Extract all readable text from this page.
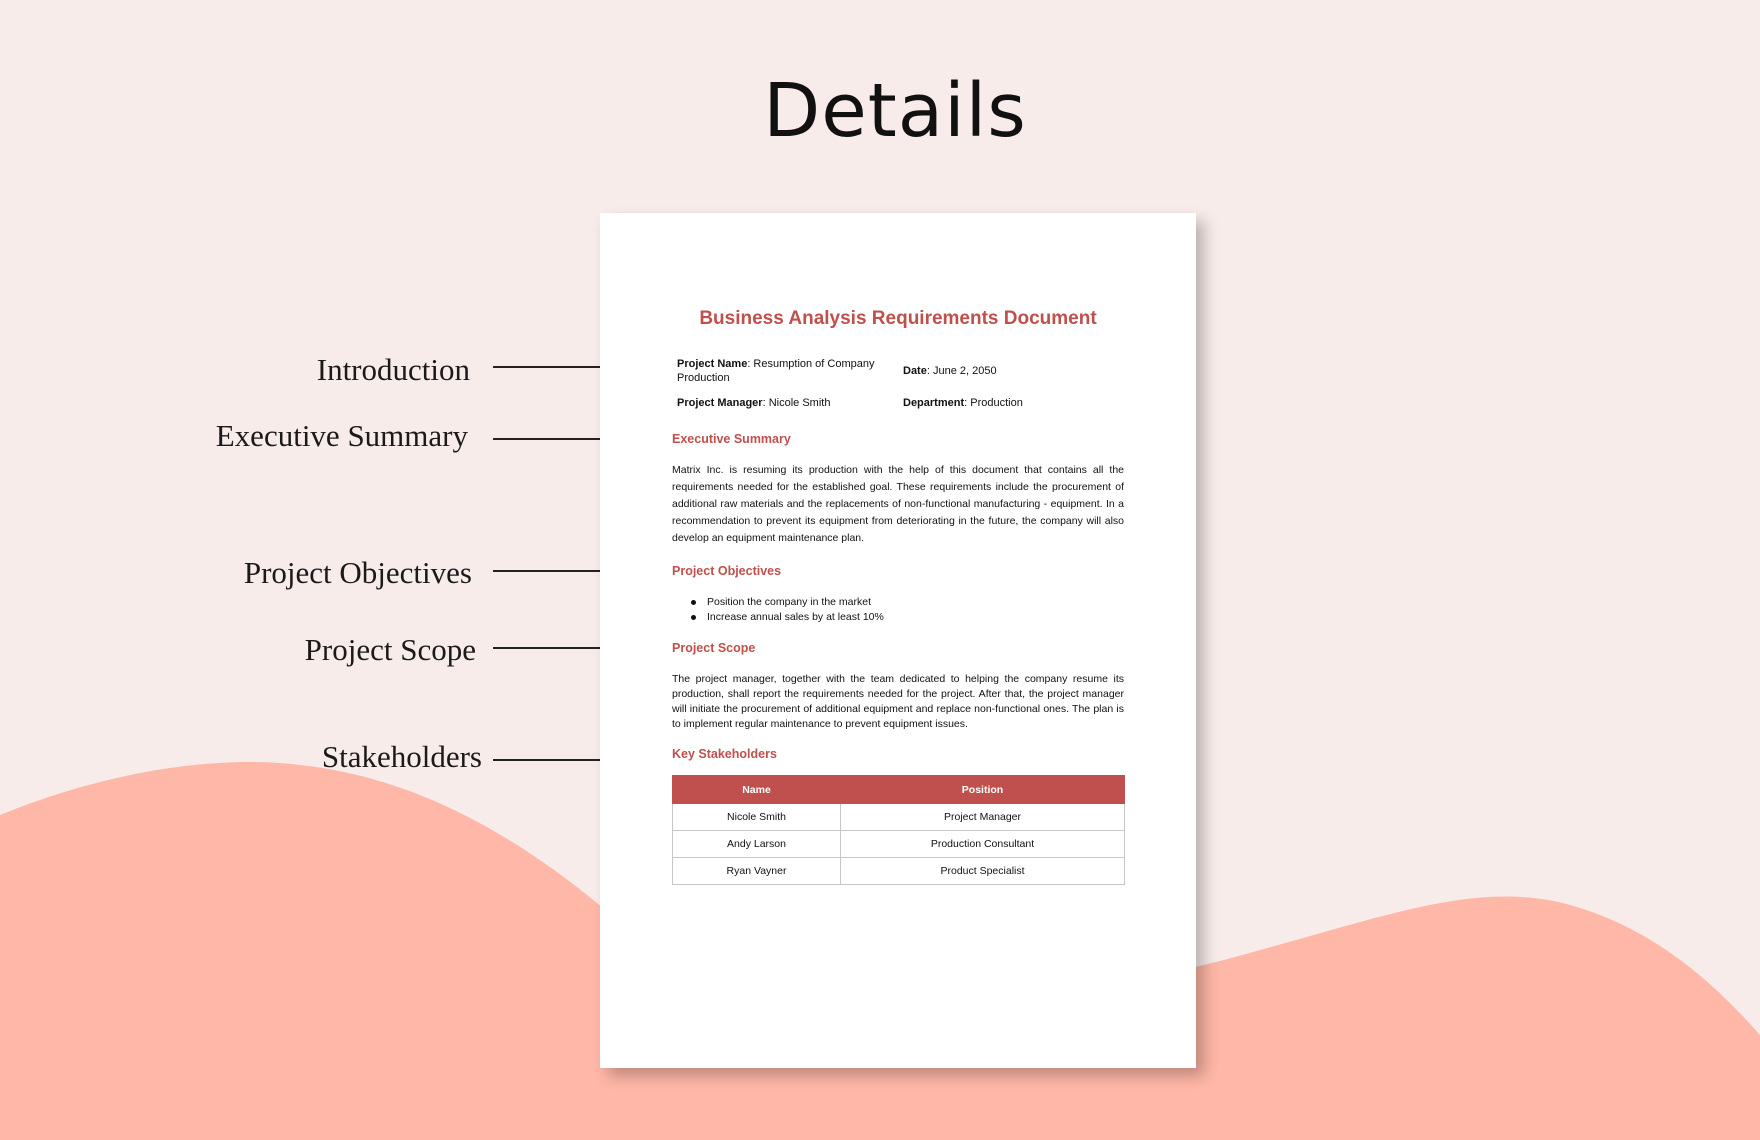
Details
Introduction
Executive Summary
Project Objectives
Project Scope
Stakeholders
Business Analysis Requirements Document
Project Name: Resumption of Company Production
Date: June 2, 2050
Project Manager: Nicole Smith	Department: Production
Executive Summary
Matrix Inc. is resuming its production with the help of this document that contains all the requirements needed for the established goal. These requirements include the procurement of additional raw materials and the replacements of non-functional manufacturing - equipment. In a recommendation to prevent its equipment from deteriorating in the future, the company will also develop an equipment maintenance plan.
Project Objectives
Position the company in the market
Increase annual sales by at least 10%
Project Scope
The project manager, together with the team dedicated to helping the company resume its production, shall report the requirements needed for the project. After that, the project manager will initiate the procurement of additional equipment and replace non-functional ones. The plan is to implement regular maintenance to prevent equipment issues.
Key Stakeholders
Name	Position
Nicole Smith	Project Manager
Andy Larson	Production Consultant
Ryan Vayner	Product Specialist
